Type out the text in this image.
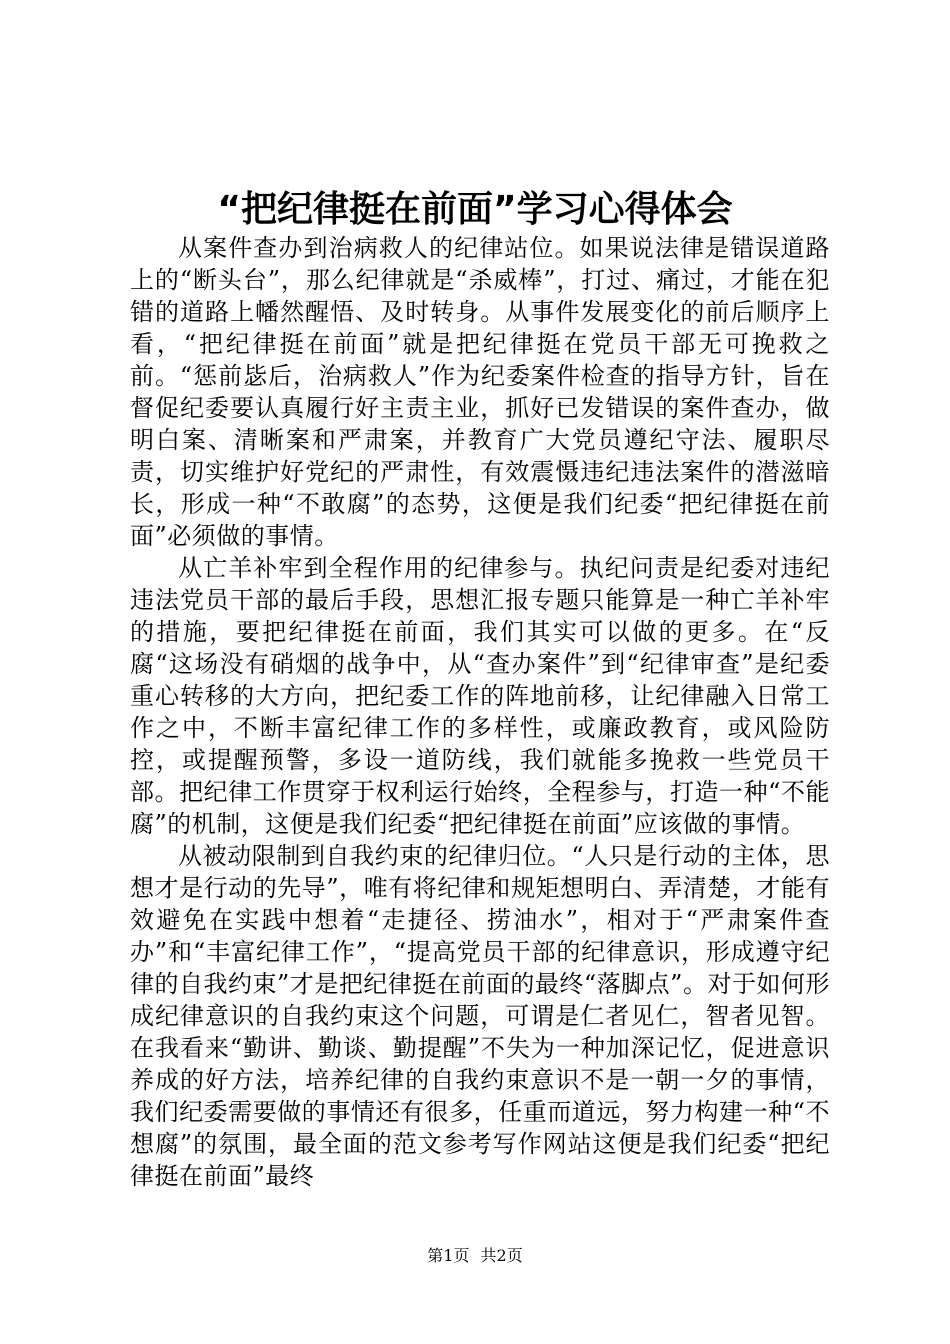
“把纪律挺在前面”学习心得体会

从案件查办到治病救人的纪律站位。如果说法律是错误道路上的“断头台”，那么纪律就是“杀威棒”，打过、痛过，才能在犯错的道路上幡然醒悟、及时转身。从事件发展变化的前后顺序上看，“把纪律挺在前面”就是把纪律挺在党员干部无可挽救之前。“惩前毖后，治病救人”作为纪委案件检查的指导方针，旨在督促纪委要认真履行好主责主业，抓好已发错误的案件查办，做明白案、清晰案和严肃案，并教育广大党员遵纪守法、履职尽责，切实维护好党纪的严肃性，有效震慑违纪违法案件的潜滋暗长，形成一种“不敢腐”的态势，这便是我们纪委“把纪律挺在前面”必须做的事情。

从亡羊补牢到全程作用的纪律参与。执纪问责是纪委对违纪违法党员干部的最后手段，思想汇报专题只能算是一种亡羊补牢的措施，要把纪律挺在前面，我们其实可以做的更多。在“反腐“这场没有硝烟的战争中，从“查办案件”到“纪律审查”是纪委重心转移的大方向，把纪委工作的阵地前移，让纪律融入日常工作之中，不断丰富纪律工作的多样性，或廉政教育，或风险防控，或提醒预警，多设一道防线，我们就能多挽救一些党员干部。把纪律工作贯穿于权利运行始终，全程参与，打造一种“不能腐”的机制，这便是我们纪委“把纪律挺在前面”应该做的事情。

从被动限制到自我约束的纪律归位。“人只是行动的主体，思想才是行动的先导”，唯有将纪律和规矩想明白、弄清楚，才能有效避免在实践中想着“走捷径、捞油水”，相对于“严肃案件查办”和“丰富纪律工作”，“提高党员干部的纪律意识，形成遵守纪律的自我约束”才是把纪律挺在前面的最终“落脚点”。对于如何形成纪律意识的自我约束这个问题，可谓是仁者见仁，智者见智。在我看来“勤讲、勤谈、勤提醒”不失为一种加深记忆，促进意识养成的好方法，培养纪律的自我约束意识不是一朝一夕的事情，我们纪委需要做的事情还有很多，任重而道远，努力构建一种“不想腐”的氛围，最全面的范文参考写作网站这便是我们纪委“把纪律挺在前面”最终

第1页 共2页
